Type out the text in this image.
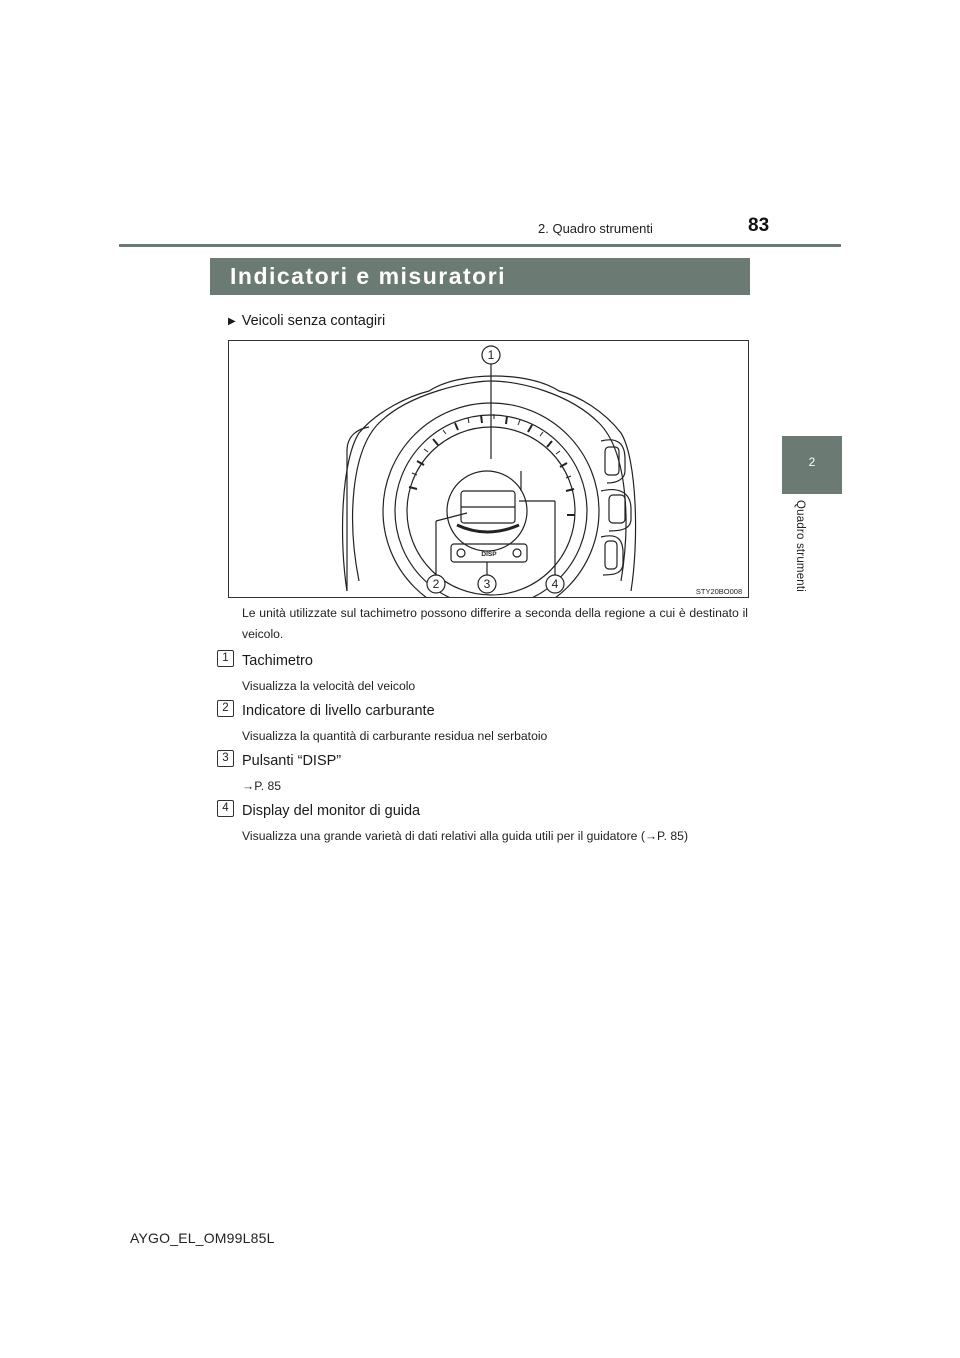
2. Quadro strumenti	83
2
Quadro strumenti
Indicatori e misuratori
▶ Veicoli senza contagiri
1
2	3	4
DISP
STY20BO008
Le unità utilizzate sul tachimetro possono differire a seconda della regione a cui è destinato il veicolo.
1 Tachimetro
Visualizza la velocità del veicolo
2 Indicatore di livello carburante
Visualizza la quantità di carburante residua nel serbatoio
3 Pulsanti “DISP”
→P. 85
4 Display del monitor di guida
Visualizza una grande varietà di dati relativi alla guida utili per il guidatore (→P. 85)
AYGO_EL_OM99L85L
